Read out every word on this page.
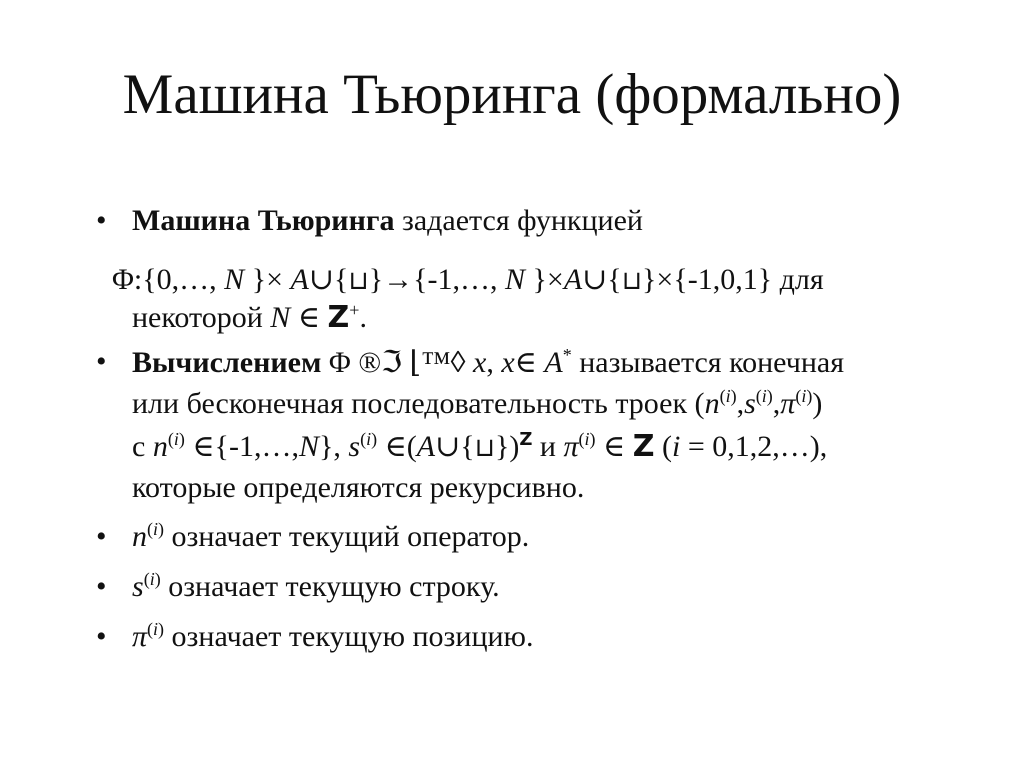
Машина Тьюринга (формально)
• Машина Тьюринга задается функцией
Φ:{0,…, N }× A∪{⊔}→{-1,…, N }×A∪{⊔}×{-1,0,1} для
некоторой N ∈ Z+.
• Вычислением Φ ®ℑ ⌊™◊ x, x∈ A* называется конечная
или бесконечная последовательность троек $(n^{(i)},s^{(i)},\pi^{(i)})$
с $n^{(i)}$ ∈{-1,…,N}, $s^{(i)}$ ∈(A∪{⊔})$^Z$ и $\pi^{(i)}$ ∈ Z (i = 0,1,2,…),
которые определяются рекурсивно.
• $n^{(i)}$ означает текущий оператор.
• $s^{(i)}$ означает текущую строку.
• $\pi^{(i)}$ означает текущую позицию.
